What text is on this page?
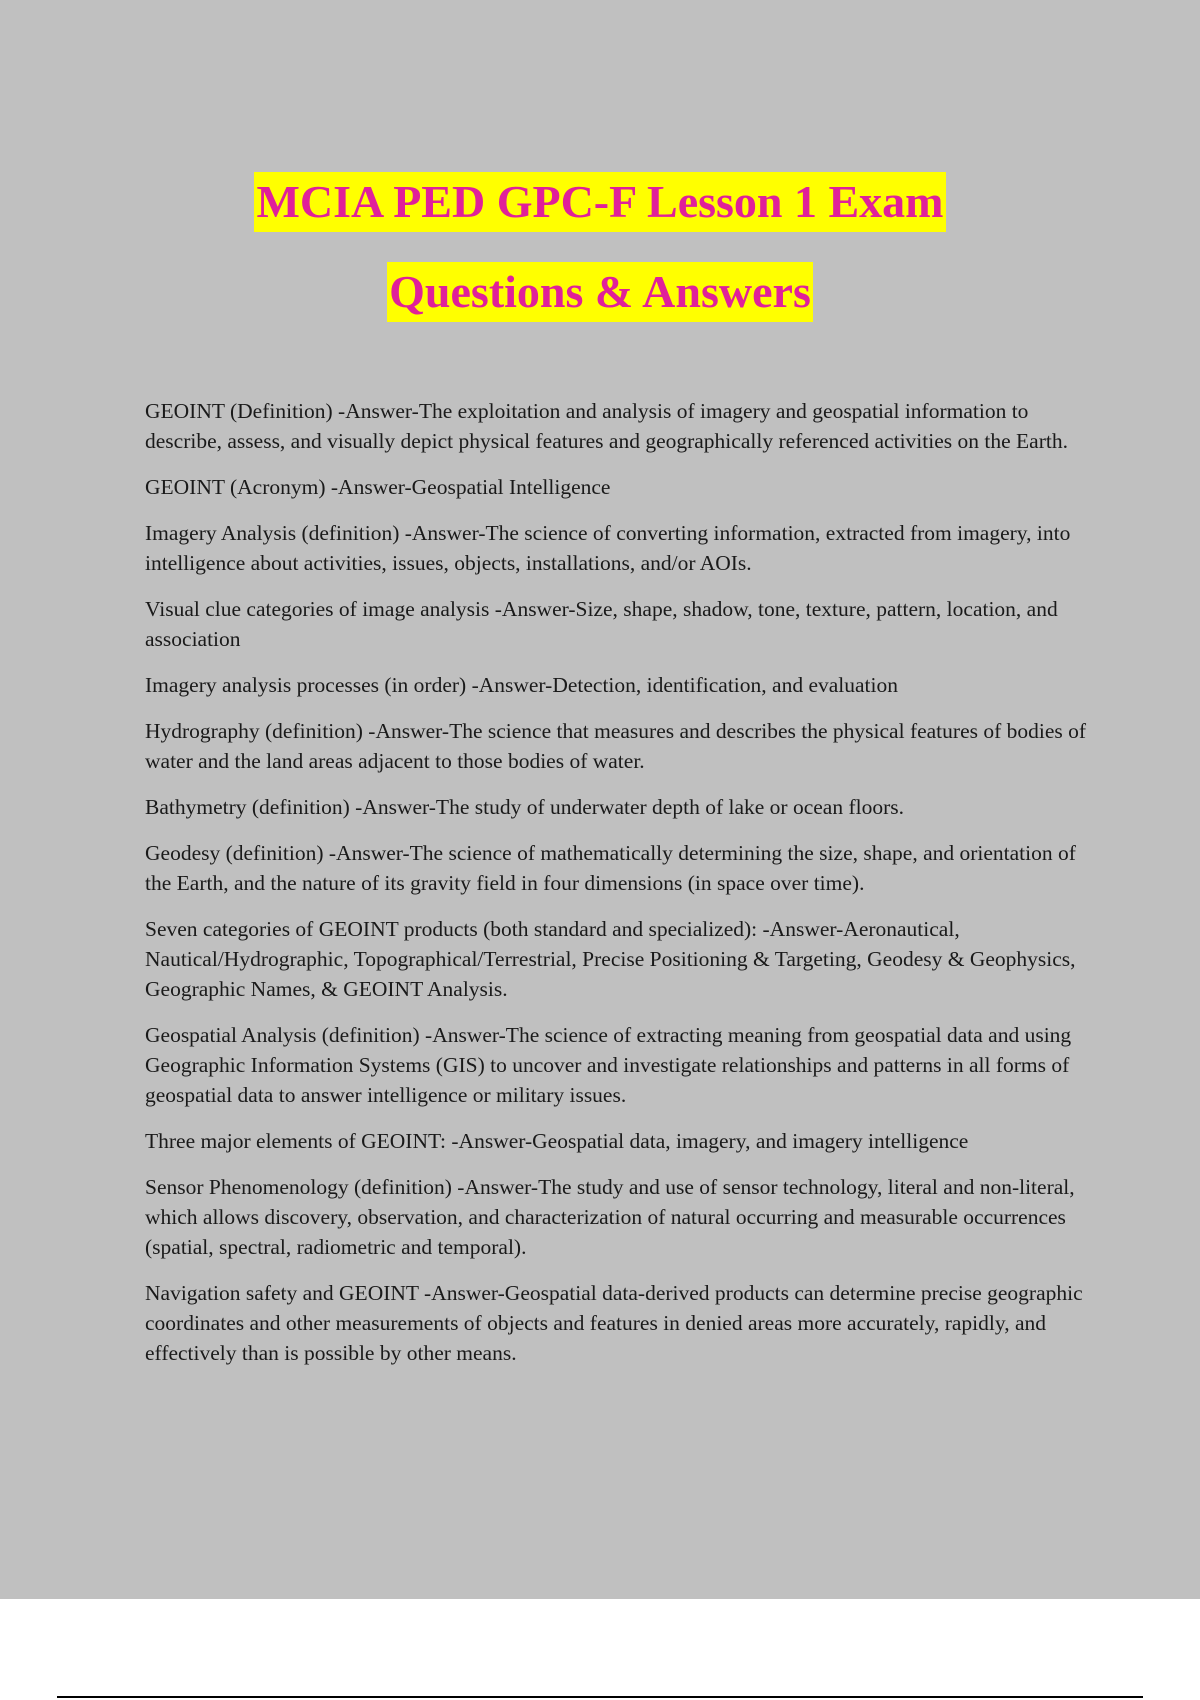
MCIA PED GPC-F Lesson 1 Exam
Questions & Answers

GEOINT (Definition) -Answer-The exploitation and analysis of imagery and geospatial information to describe, assess, and visually depict physical features and geographically referenced activities on the Earth.

GEOINT (Acronym) -Answer-Geospatial Intelligence

Imagery Analysis (definition) -Answer-The science of converting information, extracted from imagery, into intelligence about activities, issues, objects, installations, and/or AOIs.

Visual clue categories of image analysis -Answer-Size, shape, shadow, tone, texture, pattern, location, and association

Imagery analysis processes (in order) -Answer-Detection, identification, and evaluation

Hydrography (definition) -Answer-The science that measures and describes the physical features of bodies of water and the land areas adjacent to those bodies of water.

Bathymetry (definition) -Answer-The study of underwater depth of lake or ocean floors.

Geodesy (definition) -Answer-The science of mathematically determining the size, shape, and orientation of the Earth, and the nature of its gravity field in four dimensions (in space over time).

Seven categories of GEOINT products (both standard and specialized): -Answer-Aeronautical, Nautical/Hydrographic, Topographical/Terrestrial, Precise Positioning & Targeting, Geodesy & Geophysics, Geographic Names, & GEOINT Analysis.

Geospatial Analysis (definition) -Answer-The science of extracting meaning from geospatial data and using Geographic Information Systems (GIS) to uncover and investigate relationships and patterns in all forms of geospatial data to answer intelligence or military issues.

Three major elements of GEOINT: -Answer-Geospatial data, imagery, and imagery intelligence

Sensor Phenomenology (definition) -Answer-The study and use of sensor technology, literal and non-literal, which allows discovery, observation, and characterization of natural occurring and measurable occurrences (spatial, spectral, radiometric and temporal).

Navigation safety and GEOINT -Answer-Geospatial data-derived products can determine precise geographic coordinates and other measurements of objects and features in denied areas more accurately, rapidly, and effectively than is possible by other means.
